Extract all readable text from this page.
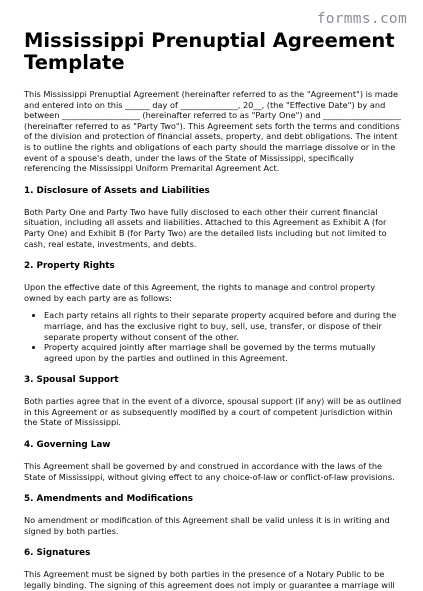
formms.com
Mississippi Prenuptial Agreement Template

This Mississippi Prenuptial Agreement (hereinafter referred to as the "Agreement") is made and entered into on this ______ day of ______________, 20__, (the "Effective Date") by and between ___________________ (hereinafter referred to as "Party One") and ___________________ (hereinafter referred to as "Party Two"). This Agreement sets forth the terms and conditions of the division and protection of financial assets, property, and debt obligations. The intent is to outline the rights and obligations of each party should the marriage dissolve or in the event of a spouse's death, under the laws of the State of Mississippi, specifically referencing the Mississippi Uniform Premarital Agreement Act.

1. Disclosure of Assets and Liabilities

Both Party One and Party Two have fully disclosed to each other their current financial situation, including all assets and liabilities. Attached to this Agreement as Exhibit A (for Party One) and Exhibit B (for Party Two) are the detailed lists including but not limited to cash, real estate, investments, and debts.

2. Property Rights

Upon the effective date of this Agreement, the rights to manage and control property owned by each party are as follows:

• Each party retains all rights to their separate property acquired before and during the marriage, and has the exclusive right to buy, sell, use, transfer, or dispose of their separate property without consent of the other.
• Property acquired jointly after marriage shall be governed by the terms mutually agreed upon by the parties and outlined in this Agreement.
3. Spousal Support

Both parties agree that in the event of a divorce, spousal support (if any) will be as outlined in this Agreement or as subsequently modified by a court of competent jurisdiction within the State of Mississippi.

4. Governing Law

This Agreement shall be governed by and construed in accordance with the laws of the State of Mississippi, without giving effect to any choice-of-law or conflict-of-law provisions.

5. Amendments and Modifications

No amendment or modification of this Agreement shall be valid unless it is in writing and signed by both parties.

6. Signatures

This Agreement must be signed by both parties in the presence of a Notary Public to be legally binding. The signing of this agreement does not imply or guarantee a marriage will
